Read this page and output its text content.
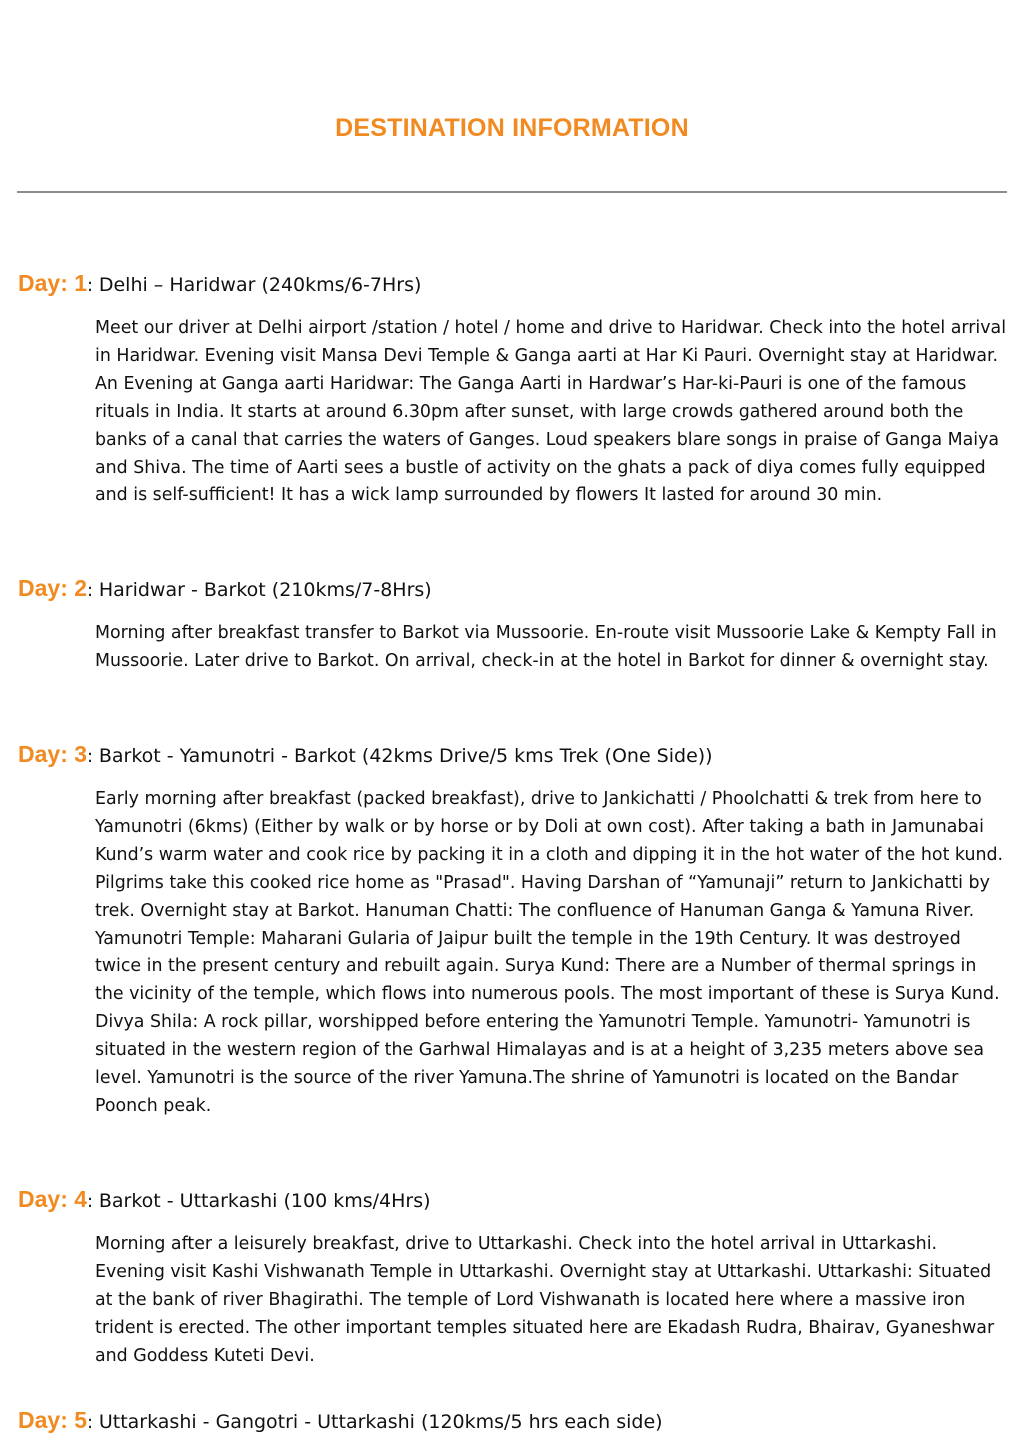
DESTINATION INFORMATION

Day: 1: Delhi – Haridwar (240kms/6-7Hrs)

Meet our driver at Delhi airport /station / hotel / home and drive to Haridwar. Check into the hotel arrival in Haridwar. Evening visit Mansa Devi Temple & Ganga aarti at Har Ki Pauri. Overnight stay at Haridwar. An Evening at Ganga aarti Haridwar: The Ganga Aarti in Hardwar’s Har-ki-Pauri is one of the famous rituals in India. It starts at around 6.30pm after sunset, with large crowds gathered around both the banks of a canal that carries the waters of Ganges. Loud speakers blare songs in praise of Ganga Maiya and Shiva. The time of Aarti sees a bustle of activity on the ghats a pack of diya comes fully equipped and is self-sufficient! It has a wick lamp surrounded by flowers It lasted for around 30 min.

Day: 2: Haridwar - Barkot (210kms/7-8Hrs)

Morning after breakfast transfer to Barkot via Mussoorie. En-route visit Mussoorie Lake & Kempty Fall in Mussoorie. Later drive to Barkot. On arrival, check-in at the hotel in Barkot for dinner & overnight stay.

Day: 3: Barkot - Yamunotri - Barkot (42kms Drive/5 kms Trek (One Side))

Early morning after breakfast (packed breakfast), drive to Jankichatti / Phoolchatti & trek from here to Yamunotri (6kms) (Either by walk or by horse or by Doli at own cost). After taking a bath in Jamunabai Kund’s warm water and cook rice by packing it in a cloth and dipping it in the hot water of the hot kund. Pilgrims take this cooked rice home as "Prasad". Having Darshan of “Yamunaji” return to Jankichatti by trek. Overnight stay at Barkot. Hanuman Chatti: The confluence of Hanuman Ganga & Yamuna River. Yamunotri Temple: Maharani Gularia of Jaipur built the temple in the 19th Century. It was destroyed twice in the present century and rebuilt again. Surya Kund: There are a Number of thermal springs in the vicinity of the temple, which flows into numerous pools. The most important of these is Surya Kund. Divya Shila: A rock pillar, worshipped before entering the Yamunotri Temple. Yamunotri- Yamunotri is situated in the western region of the Garhwal Himalayas and is at a height of 3,235 meters above sea level. Yamunotri is the source of the river Yamuna.The shrine of Yamunotri is located on the Bandar Poonch peak.

Day: 4: Barkot - Uttarkashi (100 kms/4Hrs)

Morning after a leisurely breakfast, drive to Uttarkashi. Check into the hotel arrival in Uttarkashi. Evening visit Kashi Vishwanath Temple in Uttarkashi. Overnight stay at Uttarkashi. Uttarkashi: Situated at the bank of river Bhagirathi. The temple of Lord Vishwanath is located here where a massive iron trident is erected. The other important temples situated here are Ekadash Rudra, Bhairav, Gyaneshwar and Goddess Kuteti Devi.

Day: 5: Uttarkashi - Gangotri - Uttarkashi (120kms/5 hrs each side)
